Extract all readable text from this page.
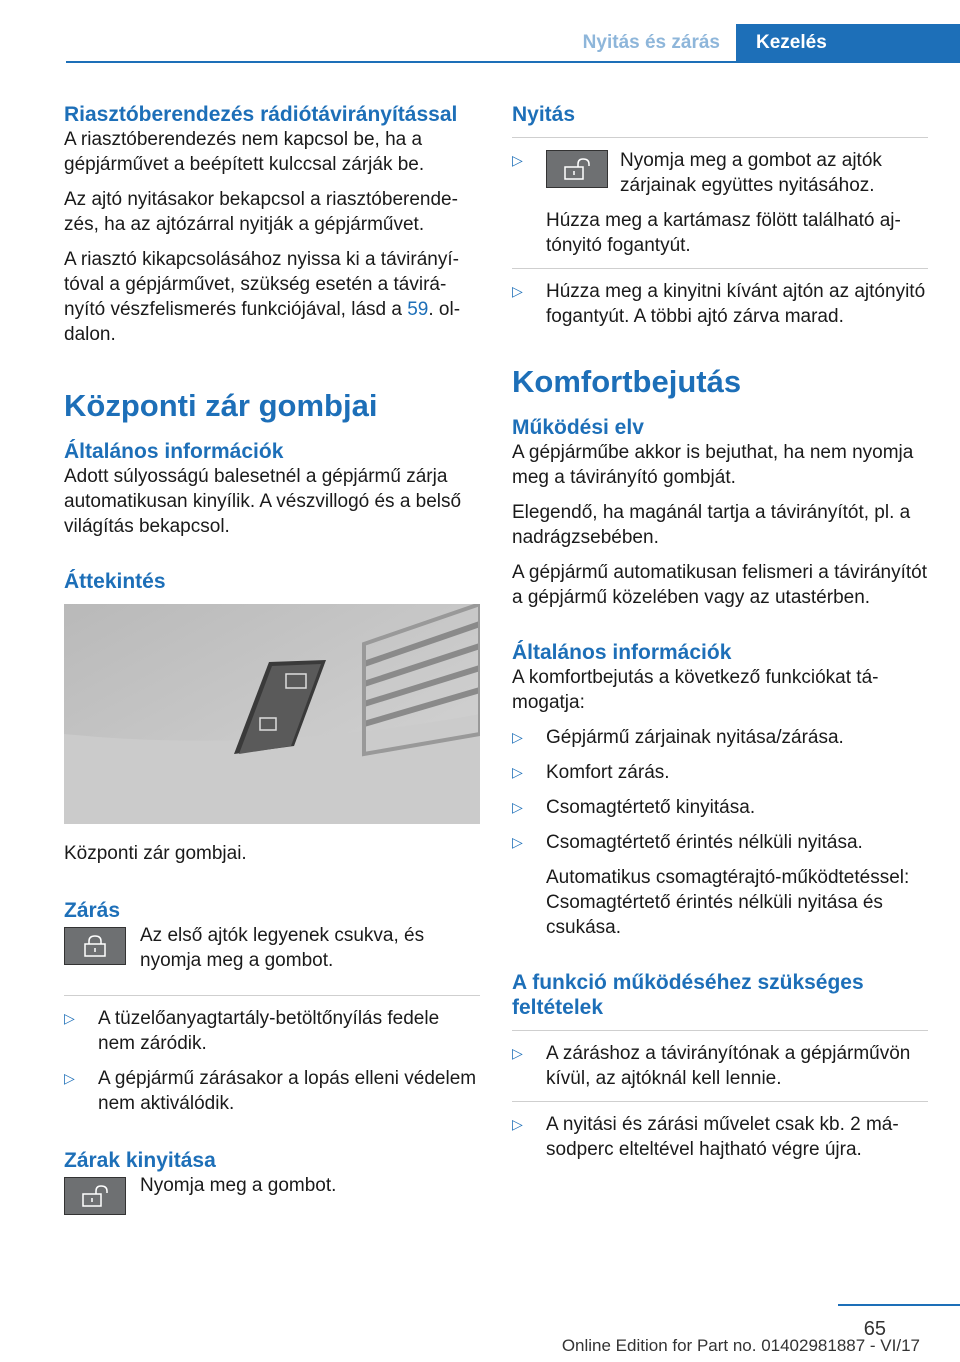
Nyitás és zárás	Kezelés
Riasztóberendezés rádiótávirányítással

A riasztóberendezés nem kapcsol be, ha a gépjárművet a beépített kulccsal zárják be.

Az ajtó nyitásakor bekapcsol a riasztóberendezés, ha az ajtózárral nyitják a gépjárművet.

A riasztó kikapcsolásához nyissa ki a távirányítóval a gépjárművet, szükség esetén a távirányító vészfelismerés funkciójával, lásd a 59. oldalon.

Központi zár gombjai
Általános információk

Adott súlyosságú balesetnél a gépjármű zárja automatikusan kinyílik. A vészvillogó és a belső világítás bekapcsol.

Áttekintés

Központi zár gombjai.

Zárás

Az első ajtók legyenek csukva, és nyomja meg a gombot.

▷ A tüzelőanyagtartály-betöltőnyílás fedele nem záródik.
▷ A gépjármű zárásakor a lopás elleni védelem nem aktiválódik.
Zárak kinyitása

Nyomja meg a gombot.

Nyitás
▷	Nyomja meg a gombot az ajtók zárjainak együttes nyitásához.

Húzza meg a kartámasz fölött található ajtónyitó fogantyút.

▷ Húzza meg a kinyitni kívánt ajtón az ajtónyitó fogantyút. A többi ajtó zárva marad.
Komfortbejutás
Működési elv

A gépjárműbe akkor is bejuthat, ha nem nyomja meg a távirányító gombját.

Elegendő, ha magánál tartja a távirányítót, pl. a nadrágzsebében.

A gépjármű automatikusan felismeri a távirányítót a gépjármű közelében vagy az utastérben.

Általános információk

A komfortbejutás a következő funkciókat támogatja:

▷ Gépjármű zárjainak nyitása/zárása.
▷ Komfort zárás.
▷ Csomagtértető kinyitása.
▷ Csomagtértető érintés nélküli nyitása.

Automatikus csomagtérajtó-működtetéssel: Csomagtértető érintés nélküli nyitása és csukása.

A funkció működéséhez szükséges feltételek
▷ A záráshoz a távirányítónak a gépjárművön kívül, az ajtóknál kell lennie.
▷ A nyitási és zárási művelet csak kb. 2 másodperc elteltével hajtható végre újra.
65
Online Edition for Part no. 01402981887 - VI/17
